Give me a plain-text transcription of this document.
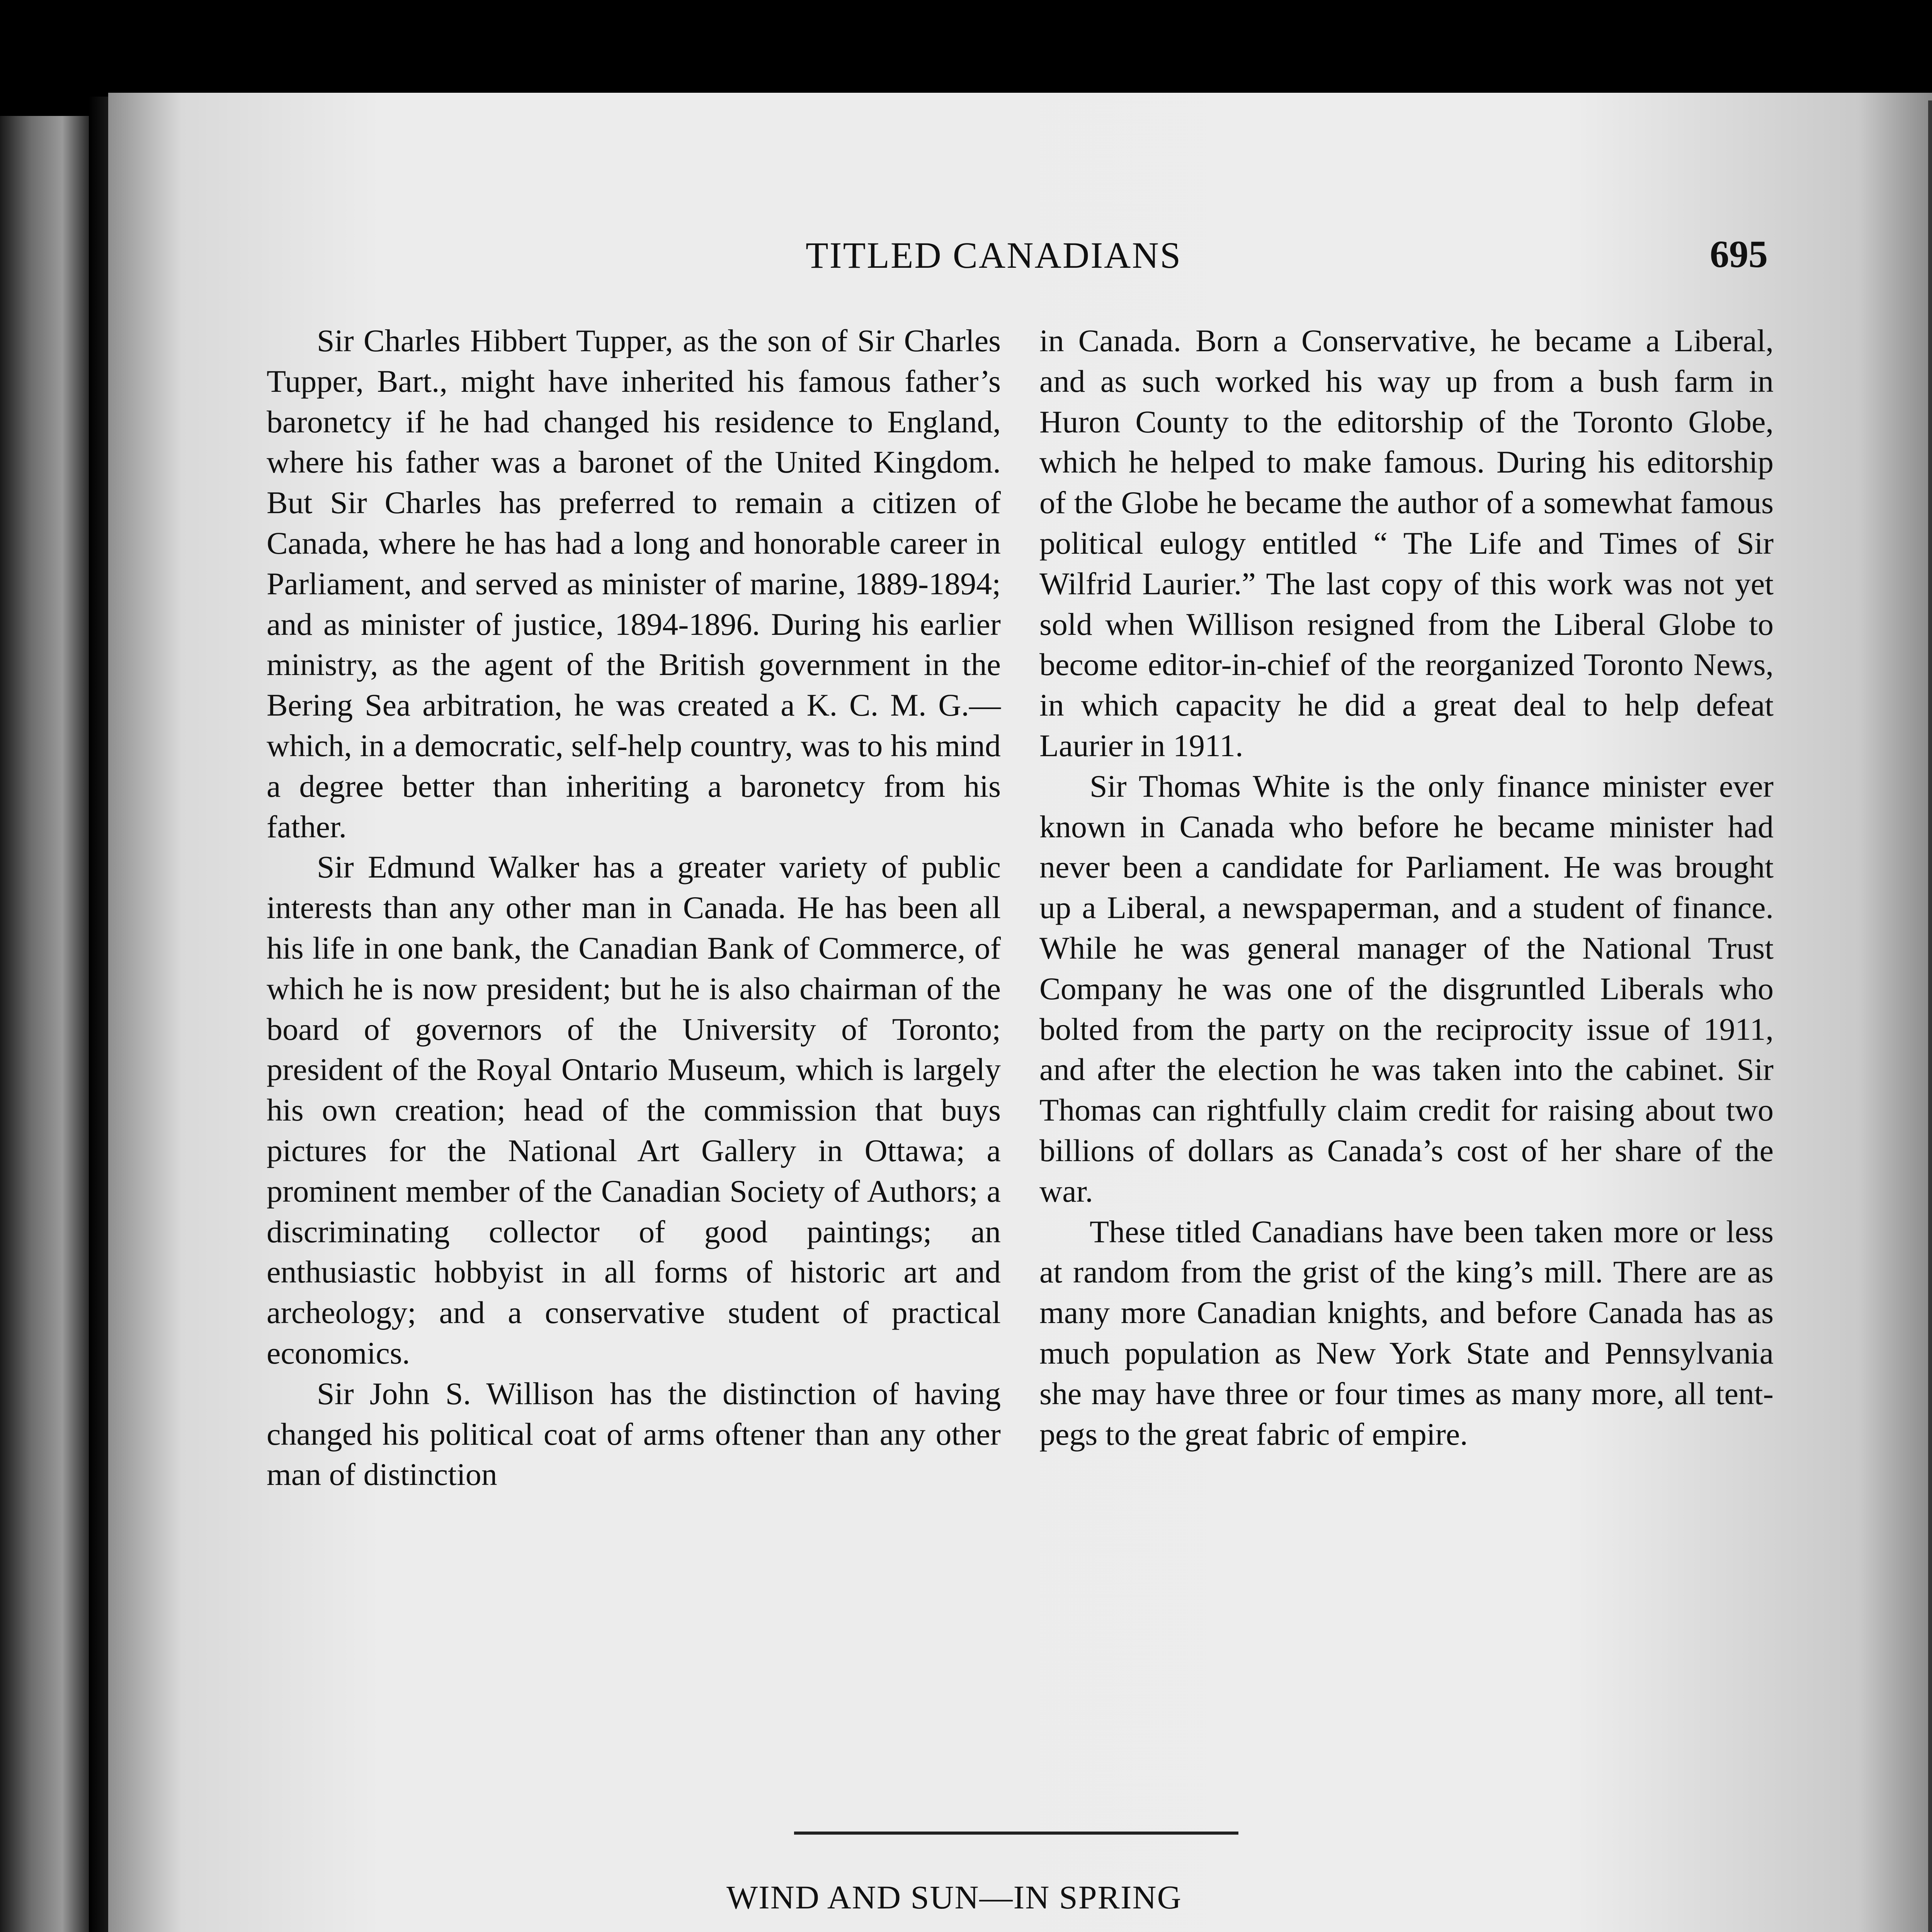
TITLED CANADIANS	695

Sir Charles Hibbert Tupper, as the son of Sir Charles Tupper, Bart., might have inherited his famous father’s baronetcy if he had changed his residence to England, where his father was a baronet of the United Kingdom. But Sir Charles has preferred to remain a citizen of Canada, where he has had a long and honorable career in Parliament, and served as minister of marine, 1889-1894; and as minister of justice, 1894-1896. During his earlier ministry, as the agent of the British government in the Bering Sea arbitration, he was created a K. C. M. G.—which, in a democratic, self-help country, was to his mind a degree better than inheriting a baronetcy from his father.

Sir Edmund Walker has a greater variety of public interests than any other man in Canada. He has been all his life in one bank, the Canadian Bank of Commerce, of which he is now president; but he is also chairman of the board of governors of the University of Toronto; president of the Royal Ontario Museum, which is largely his own creation; head of the commission that buys pictures for the National Art Gallery in Ottawa; a prominent member of the Canadian Society of Authors; a discriminating collector of good paintings; an enthusiastic hobbyist in all forms of historic art and archeology; and a conservative student of practical economics.

Sir John S. Willison has the distinction of having changed his political coat of arms oftener than any other man of distinction

in Canada. Born a Conservative, he became a Liberal, and as such worked his way up from a bush farm in Huron County to the editorship of the Toronto Globe, which he helped to make famous. During his editorship of the Globe he became the author of a somewhat famous political eulogy entitled “ The Life and Times of Sir Wilfrid Laurier.” The last copy of this work was not yet sold when Willison resigned from the Liberal Globe to become editor-in-chief of the reorganized Toronto News, in which capacity he did a great deal to help defeat Laurier in 1911.

Sir Thomas White is the only finance minister ever known in Canada who before he became minister had never been a candidate for Parliament. He was brought up a Liberal, a newspaperman, and a student of finance. While he was general manager of the National Trust Company he was one of the disgruntled Liberals who bolted from the party on the reciprocity issue of 1911, and after the election he was taken into the cabinet. Sir Thomas can rightfully claim credit for raising about two billions of dollars as Canada’s cost of her share of the war.

These titled Canadians have been taken more or less at random from the grist of the king’s mill. There are as many more Canadian knights, and before Canada has as much population as New York State and Pennsylvania she may have three or four times as many more, all tent-pegs to the great fabric of empire.

WIND AND SUN—IN SPRING
